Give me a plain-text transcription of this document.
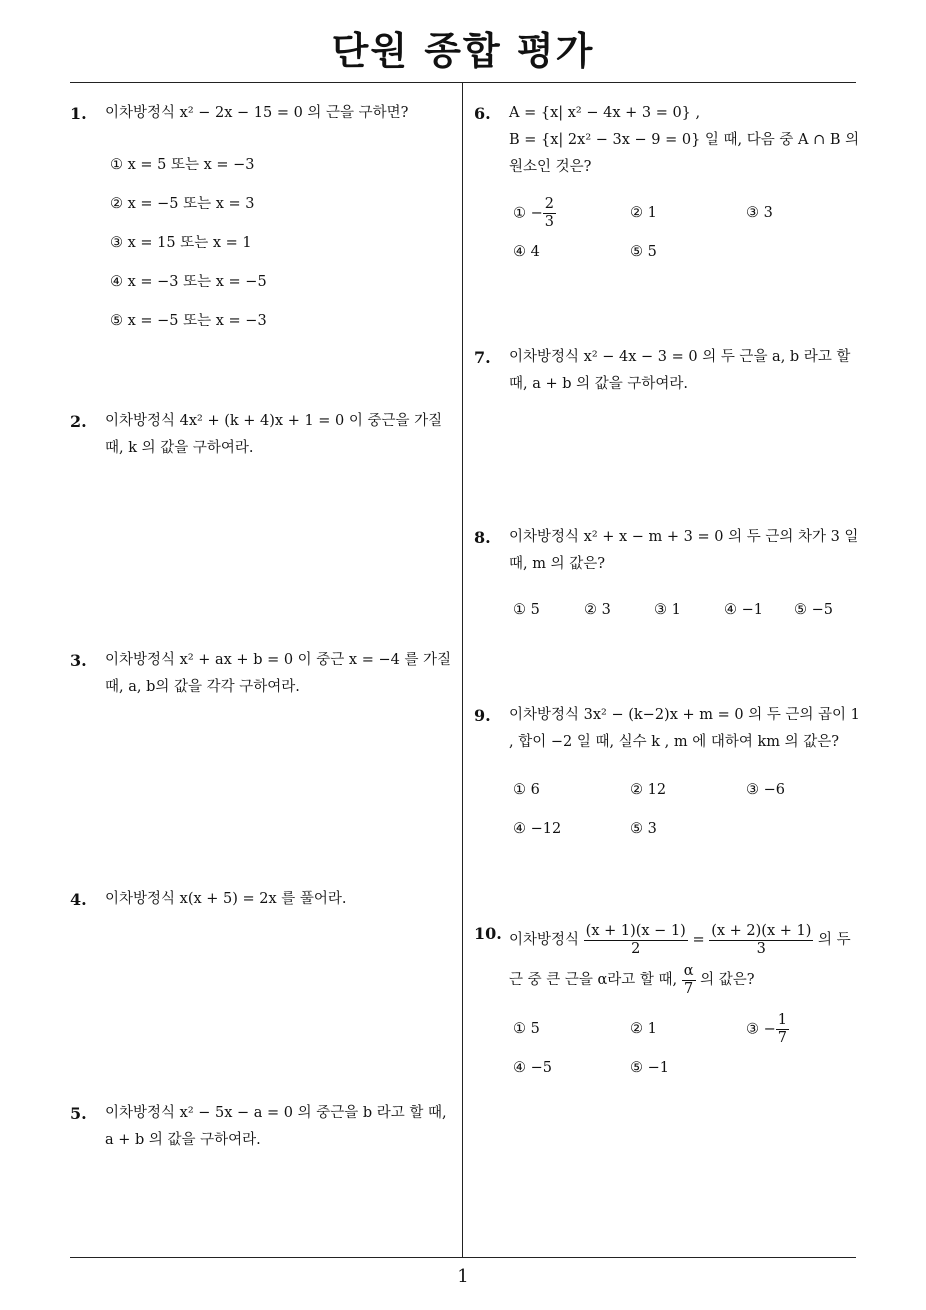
단원 종합 평가
1
1. 이차방정식 x² − 2x − 15 = 0 의 근을 구하면?
① x = 5 또는 x = −3
② x = −5 또는 x = 3
③ x = 15 또는 x = 1
④ x = −3 또는 x = −5
⑤ x = −5 또는 x = −3
2. 이차방정식 4x² + (k + 4)x + 1 = 0 이 중근을 가질
때, k 의 값을 구하여라.
3. 이차방정식 x² + ax + b = 0 이 중근 x = −4 를 가질
때, a, b의 값을 각각 구하여라.
4. 이차방정식 x(x + 5) = 2x 를 풀어라.
5. 이차방정식 x² − 5x − a = 0 의 중근을 b 라고 할 때,
a + b 의 값을 구하여라.
6. A = {x| x² − 4x + 3 = 0} ,
B = {x| 2x² − 3x − 9 = 0} 일 때, 다음 중 A ∩ B 의
원소인 것은?
① − $\frac{2}{3}$	② 1	③ 3
④ 4	⑤ 5
7. 이차방정식 x² − 4x − 3 = 0 의 두 근을 a, b 라고 할
때, a + b 의 값을 구하여라.
8. 이차방정식 x² + x − m + 3 = 0 의 두 근의 차가 3 일
때, m 의 값은?
① 5	② 3	③ 1	④ −1 ⑤ −5
9. 이차방정식 3x² − (k−2)x + m = 0 의 두 근의 곱이 1
, 합이 −2 일 때, 실수 k , m 에 대하여 km 의 값은?
① 6	② 12	③ −6
④ −12	⑤ 3
10. 이차방정식 $\frac{(x + 1)(x - 1)}{2} = \frac{(x + 2)(x + 1)}{3}$ 의 두
근 중 큰 근을 α라고 할 때, $\frac{\alpha}{7}$ 의 값은?
① 5	② 1	③ − $\frac{1}{7}$
④ −5	⑤ −1
